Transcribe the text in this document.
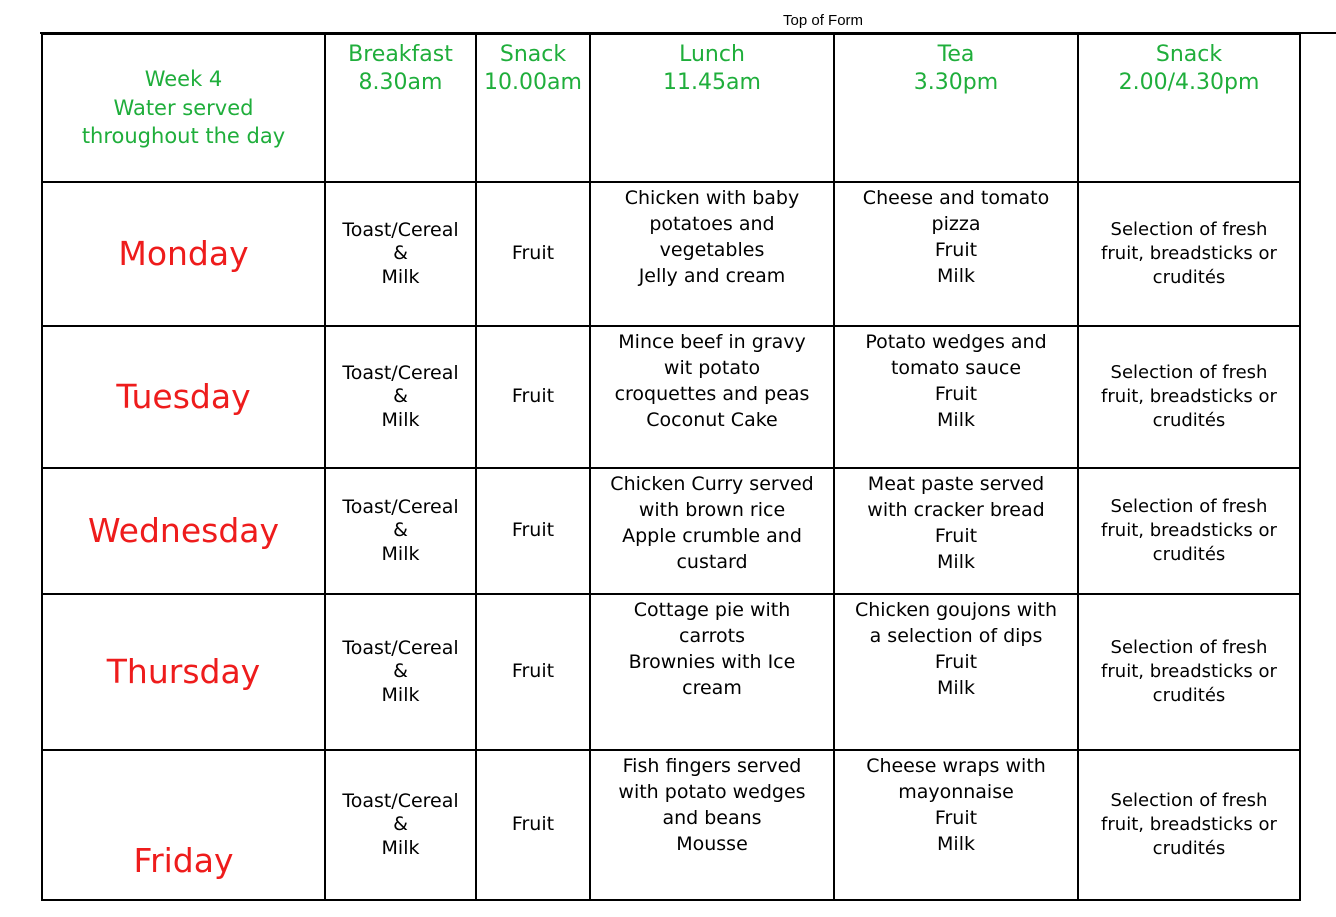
Top of Form
Week 4
Water served
throughout the day	Breakfast
8.30am	Snack
10.00am	Lunch
11.45am	Tea
3.30pm	Snack
2.00/4.30pm

Monday	Toast/Cereal
&
Milk	Fruit	Chicken with baby
potatoes and
vegetables
Jelly and cream	Cheese and tomato
pizza
Fruit
Milk	Selection of fresh
fruit, breadsticks or
crudités

Tuesday	Toast/Cereal
&
Milk	Fruit	Mince beef in gravy
wit potato
croquettes and peas
Coconut Cake	Potato wedges and
tomato sauce
Fruit
Milk	Selection of fresh
fruit, breadsticks or
crudités

Wednesday	Toast/Cereal
&
Milk	Fruit	Chicken Curry served
with brown rice
Apple crumble and
custard	Meat paste served
with cracker bread
Fruit
Milk	Selection of fresh
fruit, breadsticks or
crudités

Thursday	Toast/Cereal
&
Milk	Fruit	Cottage pie with
carrots
Brownies with Ice
cream	Chicken goujons with
a selection of dips
Fruit
Milk	Selection of fresh
fruit, breadsticks or
crudités

Friday	Toast/Cereal
&
Milk	Fruit	Fish fingers served
with potato wedges
and beans
Mousse	Cheese wraps with
mayonnaise
Fruit
Milk	Selection of fresh
fruit, breadsticks or
crudités
